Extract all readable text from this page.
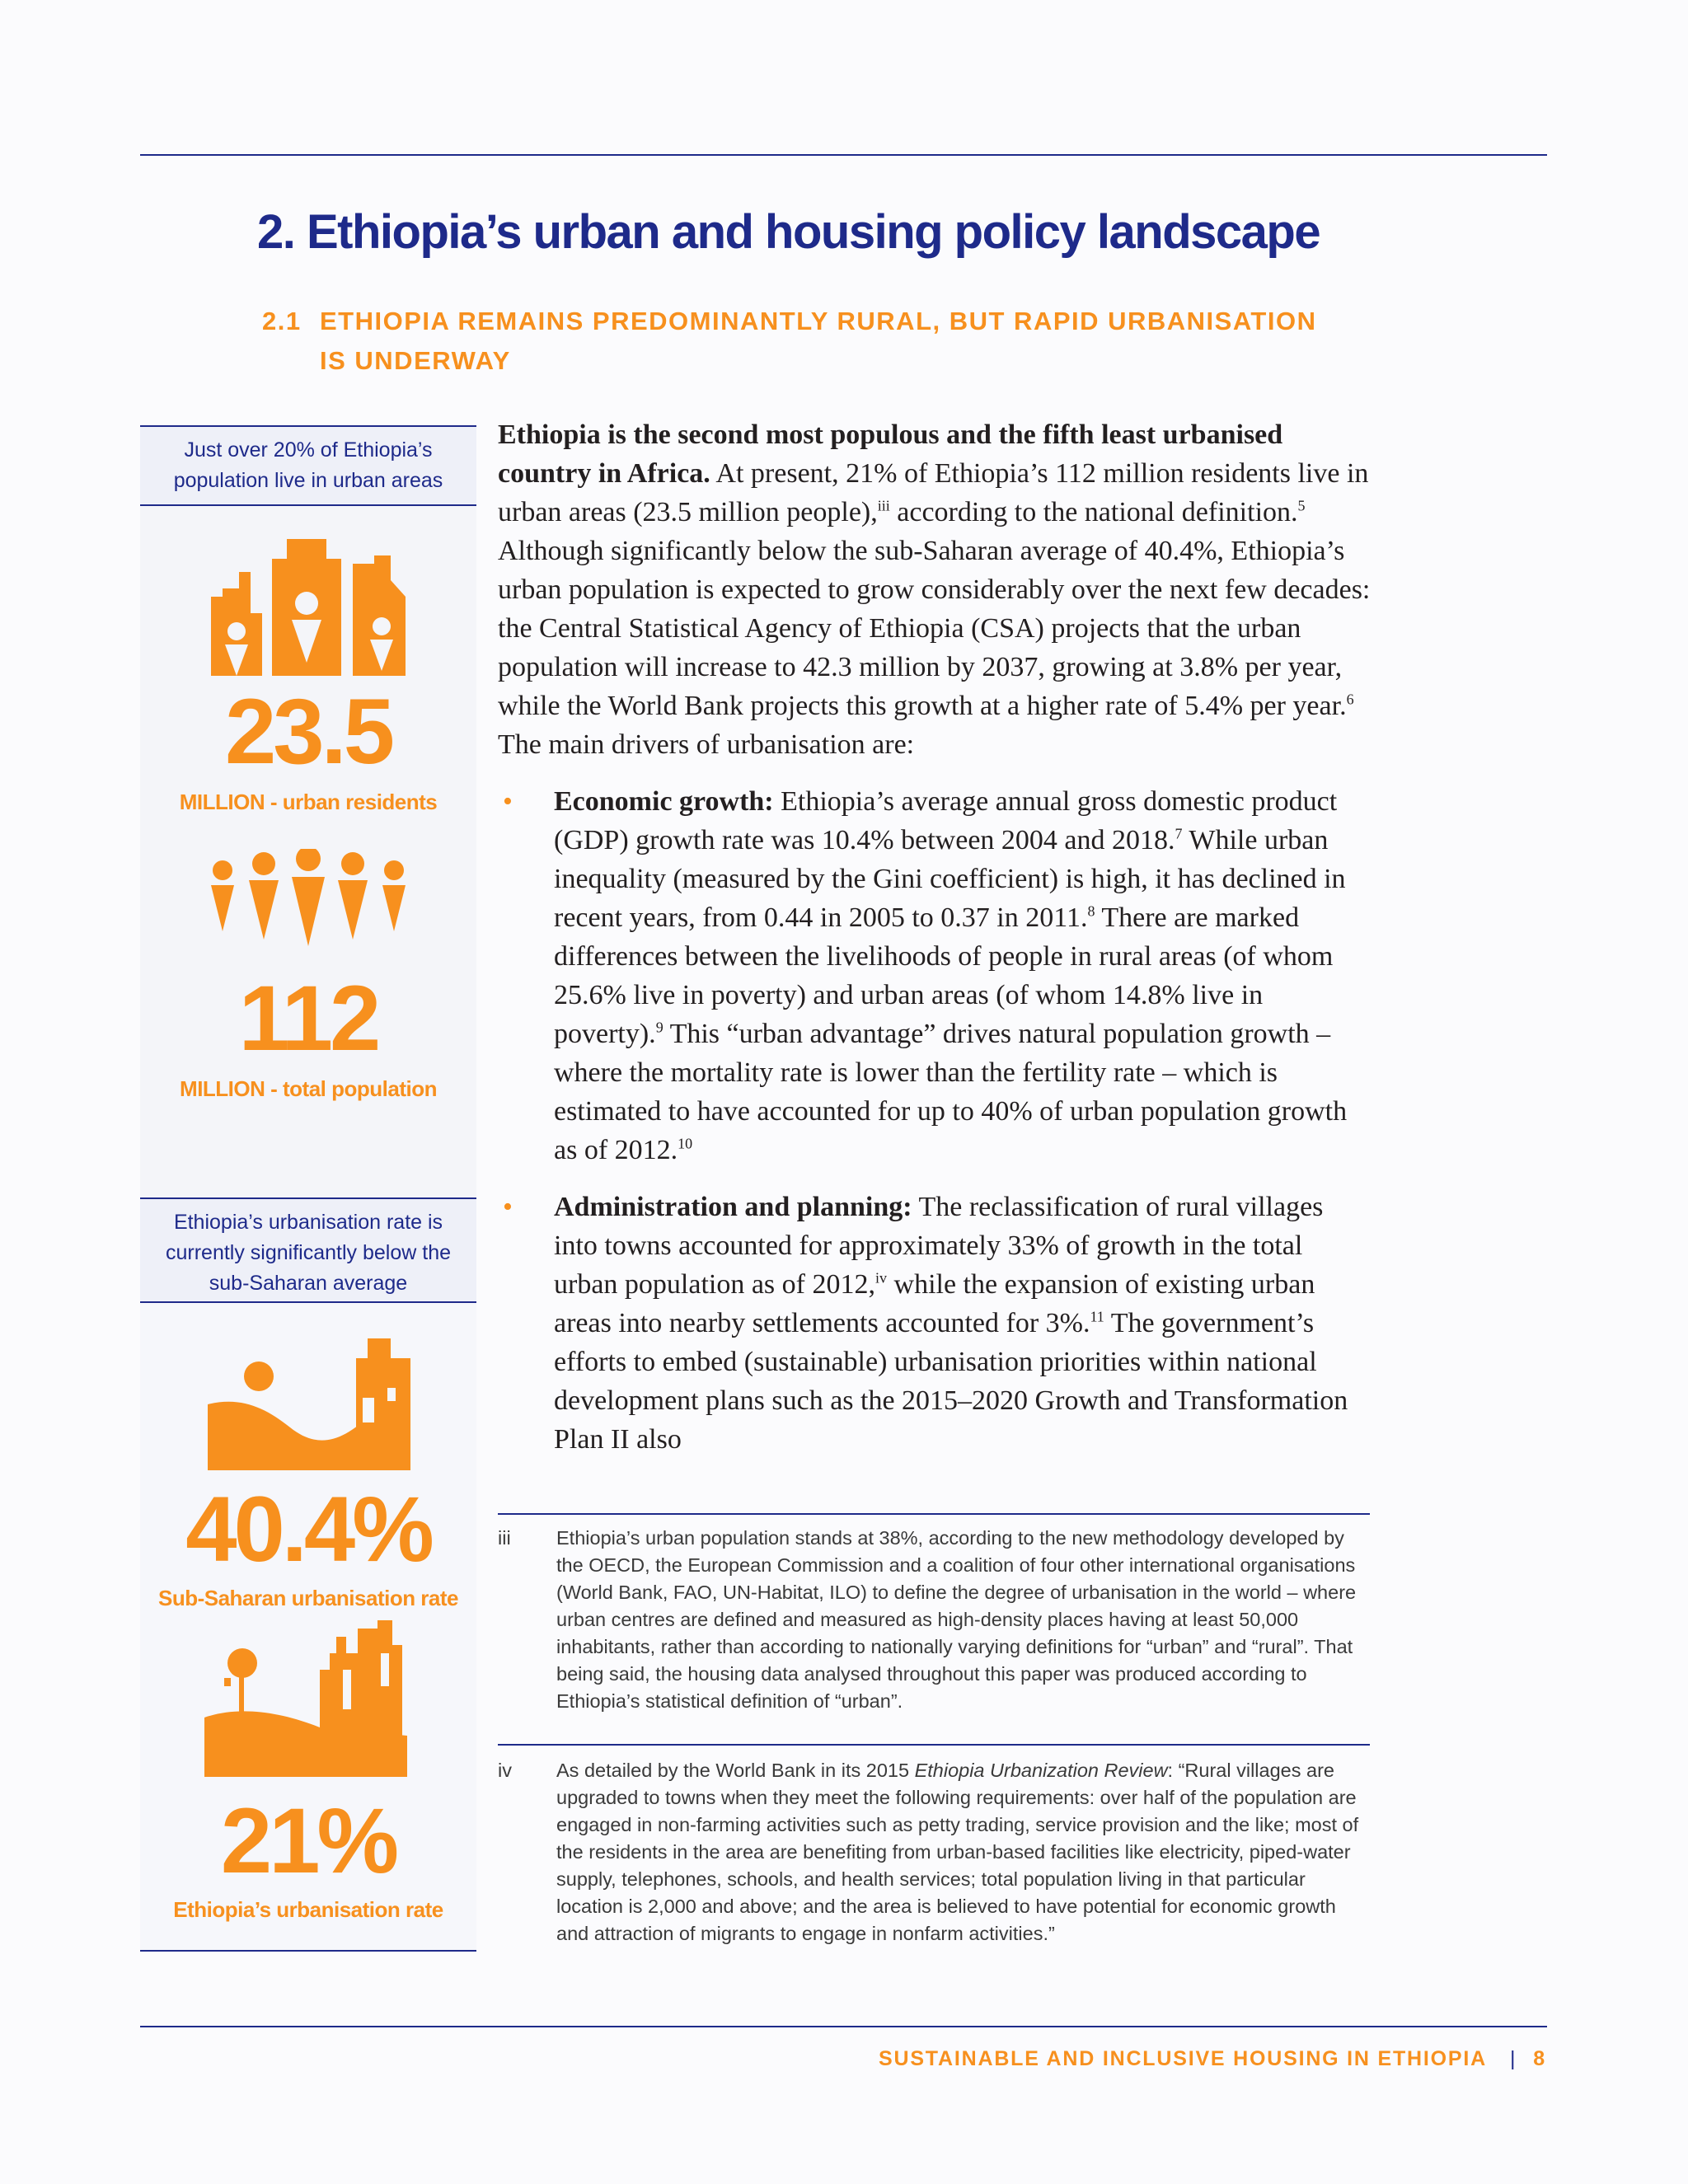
2. Ethiopia’s urban and housing policy landscape
2.1 ETHIOPIA REMAINS PREDOMINANTLY RURAL, BUT RAPID URBANISATION
IS UNDERWAY
Just over 20% of Ethiopia’s population live in urban areas
23.5
MILLION - urban residents
112
MILLION - total population
Ethiopia’s urbanisation rate is currently significantly below the sub-Saharan average
40.4%
Sub-Saharan urbanisation rate
21%
Ethiopia’s urbanisation rate

Ethiopia is the second most populous and the fifth least urbanised country in Africa. At present, 21% of Ethiopia’s 112 million residents live in urban areas (23.5 million people),$^{iii}$ according to the national definition.$^5$ Although significantly below the sub-Saharan average of 40.4%, Ethiopia’s urban population is expected to grow considerably over the next few decades: the Central Statistical Agency of Ethiopia (CSA) projects that the urban population will increase to 42.3 million by 2037, growing at 3.8% per year, while the World Bank projects this growth at a higher rate of 5.4% per year.$^6$ The main drivers of urbanisation are:

• Economic growth: Ethiopia’s average annual gross domestic product (GDP) growth rate was 10.4% between 2004 and 2018.$^7$ While urban inequality (measured by the Gini coefficient) is high, it has declined in recent years, from 0.44 in 2005 to 0.37 in 2011.$^8$ There are marked differences between the livelihoods of people in rural areas (of whom 25.6% live in poverty) and urban areas (of whom 14.8% live in poverty).$^9$ This “urban advantage” drives natural population growth – where the mortality rate is lower than the fertility rate – which is estimated to have accounted for up to 40% of urban population growth as of 2012.10
• Administration and planning: The reclassification of rural villages into towns accounted for approximately 33% of growth in the total urban population as of 2012,$^{iv}$ while the expansion of existing urban areas into nearby settlements accounted for 3%.$^{11}$ The government’s efforts to embed (sustainable) urbanisation priorities within national development plans such as the 2015–2020 Growth and Transformation Plan II also
iii Ethiopia’s urban population stands at 38%, according to the new methodology developed by the OECD, the European Commission and a coalition of four other international organisations (World Bank, FAO, UN-Habitat, ILO) to define the degree of urbanisation in the world – where urban centres are defined and measured as high-density places having at least 50,000 inhabitants, rather than according to nationally varying definitions for “urban” and “rural”. That being said, the housing data analysed throughout this paper was produced according to Ethiopia’s statistical definition of “urban”.
iv As detailed by the World Bank in its 2015 Ethiopia Urbanization Review: “Rural villages are upgraded to towns when they meet the following requirements: over half of the population are engaged in non-farming activities such as petty trading, service provision and the like; most of the residents in the area are benefiting from urban-based facilities like electricity, piped-water supply, telephones, schools, and health services; total population living in that particular location is 2,000 and above; and the area is believed to have potential for economic growth and attraction of migrants to engage in nonfarm activities.”
SUSTAINABLE AND INCLUSIVE HOUSING IN ETHIOPIA | 8
